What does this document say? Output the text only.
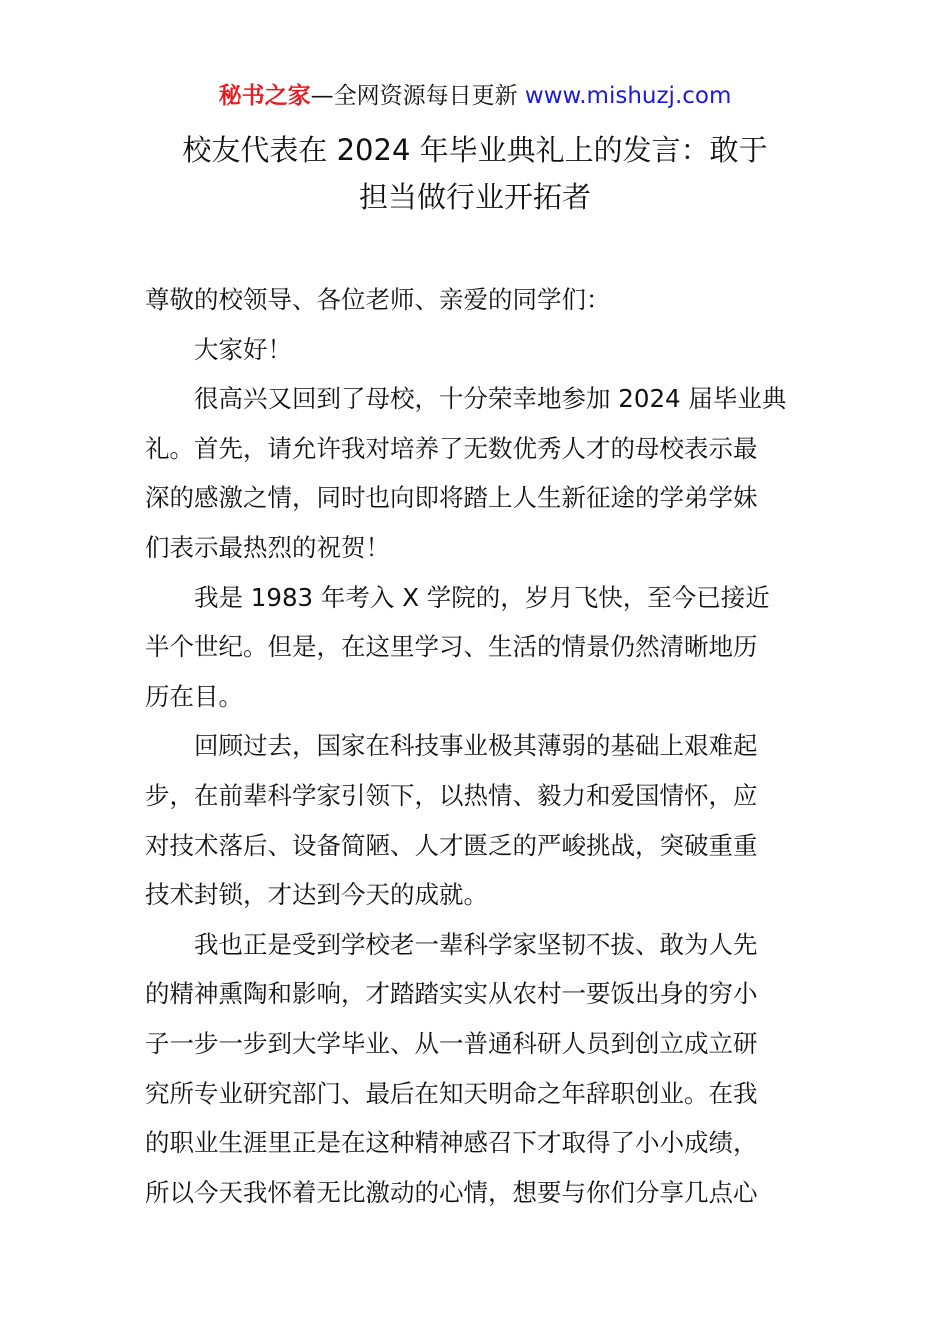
秘书之家—全网资源每日更新 www.mishuzj.com
校友代表在 2024 年毕业典礼上的发言：敢于
担当做行业开拓者
尊敬的校领导、各位老师、亲爱的同学们：
大家好！
很高兴又回到了母校，十分荣幸地参加 2024 届毕业典
礼。首先，请允许我对培养了无数优秀人才的母校表示最
深的感激之情，同时也向即将踏上人生新征途的学弟学妹
们表示最热烈的祝贺！
我是 1983 年考入 X 学院的，岁月飞快，至今已接近
半个世纪。但是，在这里学习、生活的情景仍然清晰地历
历在目。
回顾过去，国家在科技事业极其薄弱的基础上艰难起
步，在前辈科学家引领下，以热情、毅力和爱国情怀，应
对技术落后、设备简陋、人才匮乏的严峻挑战，突破重重
技术封锁，才达到今天的成就。
我也正是受到学校老一辈科学家坚韧不拔、敢为人先
的精神熏陶和影响，才踏踏实实从农村一要饭出身的穷小
子一步一步到大学毕业、从一普通科研人员到创立成立研
究所专业研究部门、最后在知天明命之年辞职创业。在我
的职业生涯里正是在这种精神感召下才取得了小小成绩，
所以今天我怀着无比激动的心情，想要与你们分享几点心
